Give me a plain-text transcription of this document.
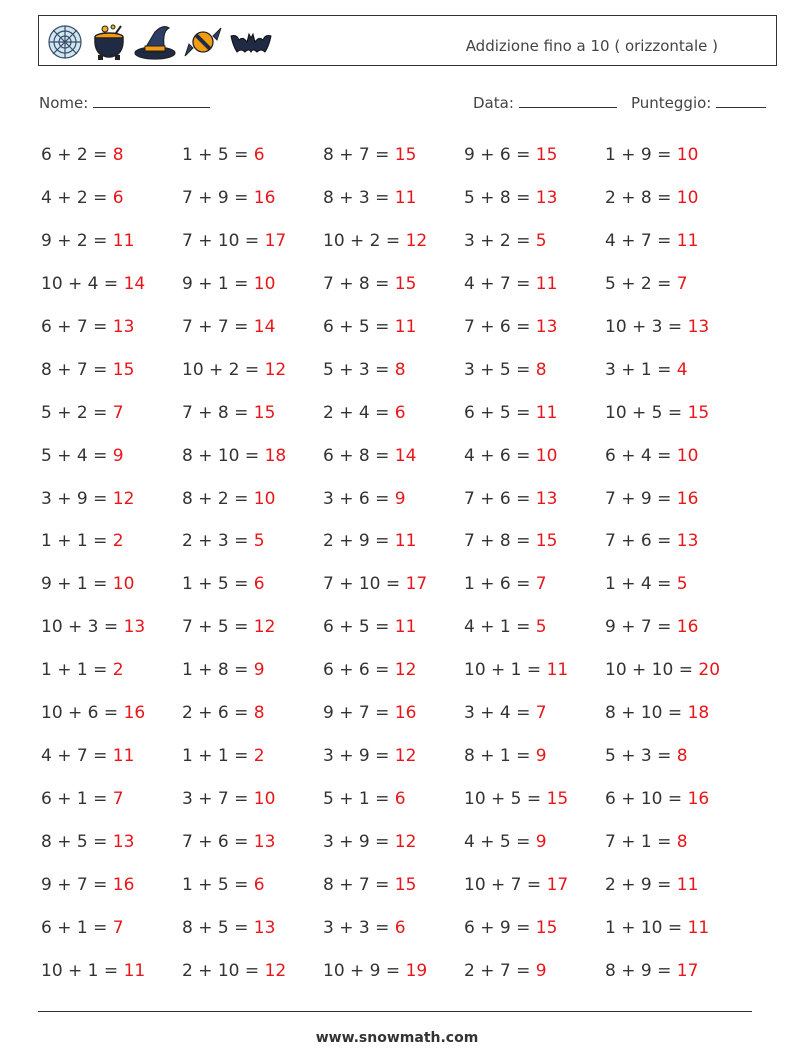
Addizione fino a 10 ( orizzontale )
Nome:	Data:	Punteggio:
6 + 2 = 8	1 + 5 = 6	8 + 7 = 15	9 + 6 = 15	1 + 9 = 10
4 + 2 = 6	7 + 9 = 16	8 + 3 = 11	5 + 8 = 13	2 + 8 = 10
9 + 2 = 11	7 + 10 = 17	10 + 2 = 12	3 + 2 = 5	4 + 7 = 11
10 + 4 = 14	9 + 1 = 10	7 + 8 = 15	4 + 7 = 11	5 + 2 = 7
6 + 7 = 13	7 + 7 = 14	6 + 5 = 11	7 + 6 = 13	10 + 3 = 13
8 + 7 = 15	10 + 2 = 12	5 + 3 = 8	3 + 5 = 8	3 + 1 = 4
5 + 2 = 7	7 + 8 = 15	2 + 4 = 6	6 + 5 = 11	10 + 5 = 15
5 + 4 = 9	8 + 10 = 18	6 + 8 = 14	4 + 6 = 10	6 + 4 = 10
3 + 9 = 12	8 + 2 = 10	3 + 6 = 9	7 + 6 = 13	7 + 9 = 16
1 + 1 = 2	2 + 3 = 5	2 + 9 = 11	7 + 8 = 15	7 + 6 = 13
9 + 1 = 10	1 + 5 = 6	7 + 10 = 17	1 + 6 = 7	1 + 4 = 5
10 + 3 = 13	7 + 5 = 12	6 + 5 = 11	4 + 1 = 5	9 + 7 = 16
1 + 1 = 2	1 + 8 = 9	6 + 6 = 12	10 + 1 = 11	10 + 10 = 20
10 + 6 = 16	2 + 6 = 8	9 + 7 = 16	3 + 4 = 7	8 + 10 = 18
4 + 7 = 11	1 + 1 = 2	3 + 9 = 12	8 + 1 = 9	5 + 3 = 8
6 + 1 = 7	3 + 7 = 10	5 + 1 = 6	10 + 5 = 15	6 + 10 = 16
8 + 5 = 13	7 + 6 = 13	3 + 9 = 12	4 + 5 = 9	7 + 1 = 8
9 + 7 = 16	1 + 5 = 6	8 + 7 = 15	10 + 7 = 17	2 + 9 = 11
6 + 1 = 7	8 + 5 = 13	3 + 3 = 6	6 + 9 = 15	1 + 10 = 11
10 + 1 = 11	2 + 10 = 12	10 + 9 = 19	2 + 7 = 9	8 + 9 = 17
www.snowmath.com
